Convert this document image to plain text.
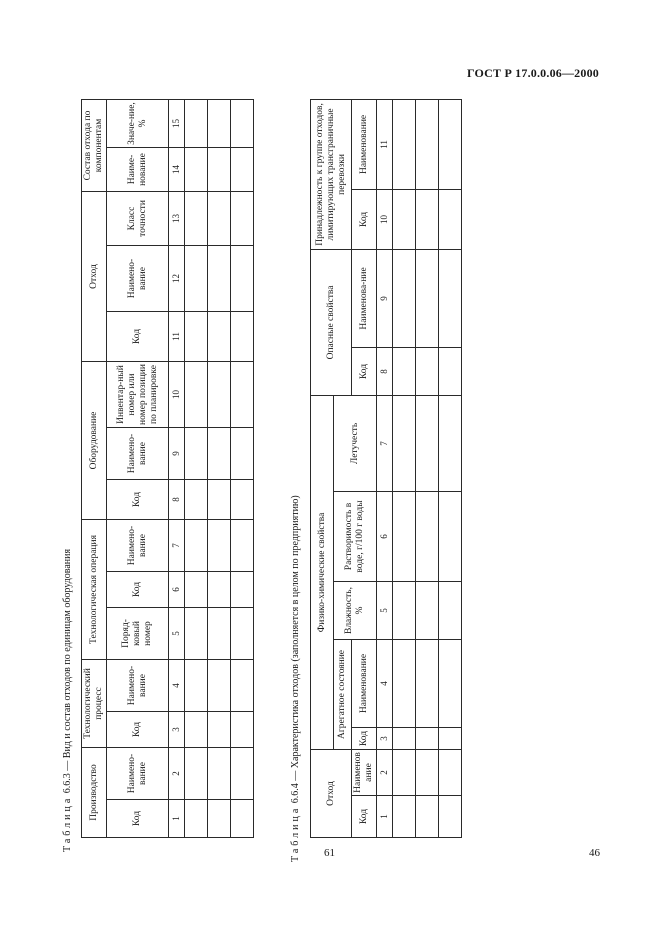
ГОСТ Р 17.0.0.06—2000
Таблица 6.6.3 — Вид и состав отходов по единицам оборудования
Производство		Технологический процесс		Технологическая операция			Оборудование			Отход			Состав отхода по компонентам	
Код	Наимено-вание	Код	Наимено-вание	Поряд-ковый номер	Код	Наимено-вание	Код	Наимено-вание	Инвентар-ный номер или номер позиции по планировке	Код	Наимено-вание	Класс точности	Наиме-нование	Значе-ние, %
1	2	3	4	5	6	7	8	9	10	11	12	13	14	15

Таблица 6.6.4 — Характеристика отходов (заполняется в целом по предприятию)
Отход		Физико-химические свойства					Опасные свойства		Принадлежность к группе отходов, лимитирующих трансграничные перевозки	
		Агрегатное состояние		Влажность, %	Растворимость в воде, г/100 г воды	Летучесть				
Код	Наименование	Код	Наименование				Код	Наименова-ние	Код	Наименование
1	2	3	4	5	6	7	8	9	10	11

61	46
